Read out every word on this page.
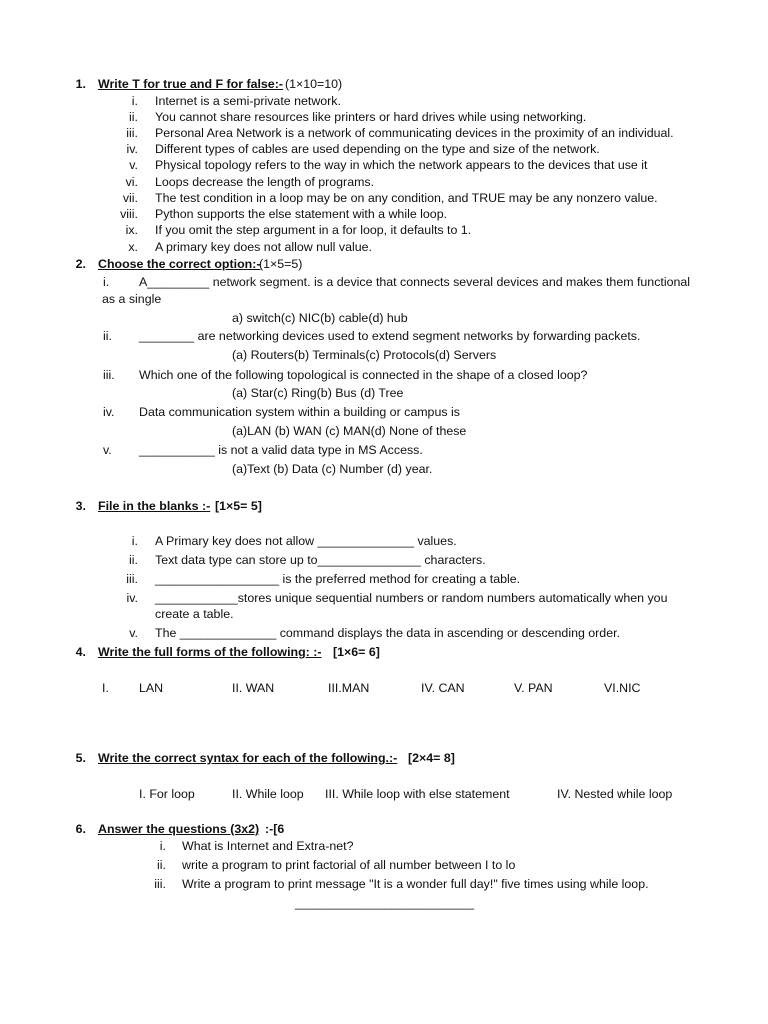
1. Write T for true and F for false:- (1×10=10)
i. Internet is a semi-private network.
ii. You cannot share resources like printers or hard drives while using networking.
iii. Personal Area Network is a network of communicating devices in the proximity of an individual.
iv. Different types of cables are used depending on the type and size of the network.
v. Physical topology refers to the way in which the network appears to the devices that use it
vi. Loops decrease the length of programs.
vii. The test condition in a loop may be on any condition, and TRUE may be any nonzero value.
viii. Python supports the else statement with a while loop.
ix. If you omit the step argument in a for loop, it defaults to 1.
x. A primary key does not allow null value.
2. Choose the correct option:-
(1×5=5)
i. A_________ network segment. is a device that connects several devices and makes them functional
as a single
a) switch(c) NIC(b) cable(d) hub
ii. ________ are networking devices used to extend segment networks by forwarding packets.
(a) Routers(b) Terminals(c) Protocols(d) Servers
iii. Which one of the following topological is connected in the shape of a closed loop?
(a) Star(c) Ring(b) Bus (d) Tree
iv. Data communication system within a building or campus is
(a)LAN (b) WAN (c) MAN(d) None of these
v. ___________ is not a valid data type in MS Access.
(a)Text (b) Data (c) Number (d) year.
3. File in the blanks :- [1×5= 5]
i. A Primary key does not allow ______________ values.
ii. Text data type can store up to_______________ characters.
iii. __________________ is the preferred method for creating a table.
iv. ____________stores unique sequential numbers or random numbers automatically when you
create a table.
v. The ______________ command displays the data in ascending or descending order.
4. Write the full forms of the following: :- [1×6= 6]
I. LAN	II. WAN	III.MAN	IV. CAN	V. PAN	VI.NIC
5. Write the correct syntax for each of the following.:- [2×4= 8]
I. For loop	II. While loop III. While loop with else statement	IV. Nested while loop
6. Answer the questions (3x2) :-[6
i. What is Internet and Extra-net?
ii. write a program to print factorial of all number between I to lo
iii. Write a program to print message "It is a wonder full day!" five times using while loop.
__________________________
